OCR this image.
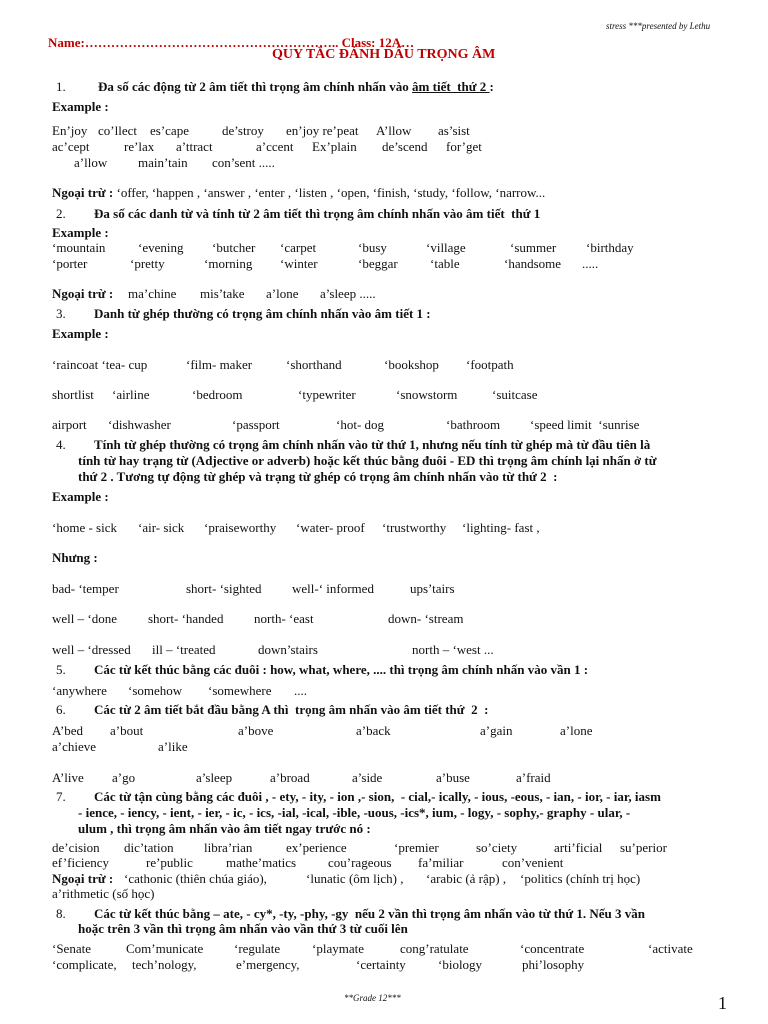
stress ***presented by Lethu
Name:………………………………………………….. Class: 12A…
QUY TẮC ĐÁNH DẤU TRỌNG ÂM
1. Đa số các động từ 2 âm tiết thì trọng âm chính nhấn vào âm tiết  thứ 2 :
Example :
En’joy co’llect es’cape	de’stroy en’joy re’peat A’llow as’sist
ac’cept	re’lax a’ttract	a’ccent Ex’plain de’scend for’get
a’llow main’tain con’sent .....
Ngoại trừ : ‘offer, ‘happen , ‘answer , ‘enter , ‘listen , ‘open, ‘finish, ‘study, ‘follow, ‘narrow...
2. Đa số các danh từ và tính từ 2 âm tiết thì trọng âm chính nhấn vào âm tiết  thứ 1
Example :
‘mountain	‘evening ‘butcher ‘carpet	‘busy	‘village	‘summer ‘birthday
‘porter	‘pretty	‘morning ‘winter	‘beggar ‘table	‘handsome .....
Ngoại trừ : ma’chine mis’take a’lone a’sleep .....
3. Danh từ ghép thường có trọng âm chính nhấn vào âm tiết 1 :
Example :
‘raincoat ‘tea- cup	‘film- maker	‘shorthand	‘bookshop ‘footpath
shortlist ‘airline	‘bedroom	‘typewriter	‘snowstorm	‘suitcase
airport ‘dishwasher	‘passport	‘hot- dog	‘bathroom ‘speed limit  ‘sunrise
4. Tính từ ghép thường có trọng âm chính nhấn vào từ thứ 1, nhưng nếu tính từ ghép mà từ đầu tiên là
tính từ hay trạng từ (Adjective or adverb) hoặc kết thúc bằng đuôi - ED thì trọng âm chính lại nhấn ở từ
thứ 2 . Tương tự động từ ghép và trạng từ ghép có trọng âm chính nhấn vào từ thứ 2  :
Example :
‘home - sick ‘air- sick ‘praiseworthy ‘water- proof ‘trustworthy ‘lighting- fast ,
Nhưng :
bad- ‘temper	short- ‘sighted well-‘ informed	ups’tairs
well – ‘done short- ‘handed north- ‘east	down- ‘stream
well – ‘dressed ill – ‘treated	down’stairs	north – ‘west ...
5. Các từ kết thúc bằng các đuôi : how, what, where, .... thì trọng âm chính nhấn vào vần 1 :
‘anywhere ‘somehow ‘somewhere ....
6. Các từ 2 âm tiết bắt đầu bằng A thì  trọng âm nhấn vào âm tiết thứ  2  :
A’bed a’bout	a’bove	a’back	a’gain	a’lone
a’chieve	a’like
A’live a’go	a’sleep	a’broad	a’side	a’buse	a’fraid
7. Các từ tận cùng bằng các đuôi , - ety, - ity, - ion ,- sion,  - cial,- ically, - ious, -eous, - ian, - ior, - iar, iasm
- ience, - iency, - ient, - ier, - ic, - ics, -ial, -ical, -ible, -uous, -ics*, ium, - logy, - sophy,- graphy - ular, -
ulum , thì trọng âm nhấn vào âm tiết ngay trước nó :
de’cision dic’tation libra’rian	ex’perience	‘premier	so’ciety	arti’ficial su’perior
ef’ficiency	re’public	mathe’matics cou’rageous fa’miliar	con’venient
Ngoại trừ : ‘cathonic (thiên chúa giáo),	‘lunatic (ôm lịch) , ‘arabic (ả rập) , ‘politics (chính trị học)
a’rithmetic (số học)
8. Các từ kết thúc bằng – ate, - cy*, -ty, -phy, -gy  nếu 2 vần thì trọng âm nhấn vào từ thứ 1. Nếu 3 vần
hoặc trên 3 vần thì trọng âm nhấn vào vần thứ 3 từ cuối lên
‘Senate	Com’municate ‘regulate ‘playmate	cong’ratulate	‘concentrate	‘activate
‘complicate, tech’nology,	e’mergency,	‘certainty ‘biology	phi’losophy
**Grade 12***	1
